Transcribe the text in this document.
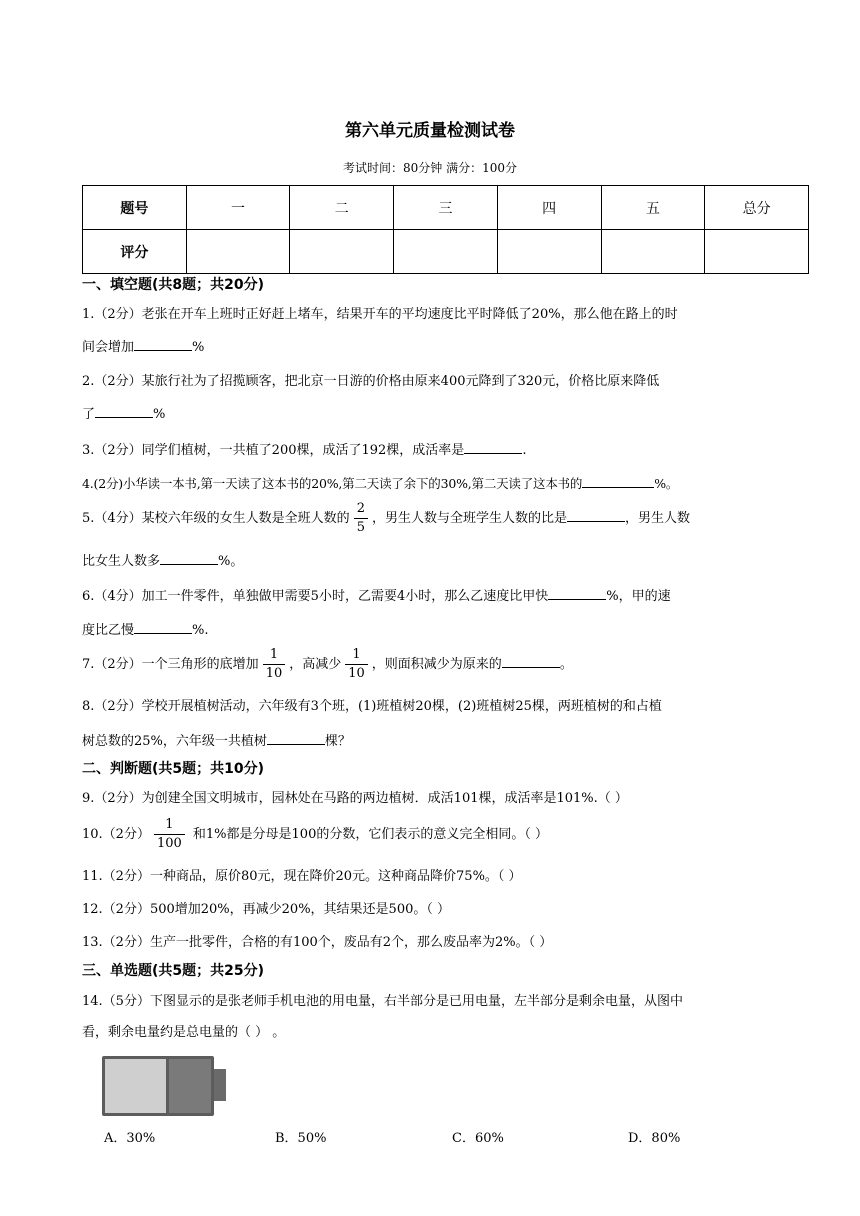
第六单元质量检测试卷
考试时间：80分钟 满分：100分
题号	一	二	三	四	五	总分
评分						
一、填空题(共8题；共20分)
1.（2分）老张在开车上班时正好赶上堵车，结果开车的平均速度比平时降低了20%，那么他在路上的时
间会增加	%
2.（2分）某旅行社为了招揽顾客，把北京一日游的价格由原来400元降到了320元，价格比原来降低
了	%
3.（2分）同学们植树，一共植了200棵，成活了192棵，成活率是	.
4.(2分)小华读一本书,第一天读了这本书的20%,第二天读了余下的30%,第二天读了这本书的	%。
5.（4分）某校六年级的女生人数是全班人数的 $\frac{2}{5}$ ，男生人数与全班学生人数的比是	，男生人数
比女生人数多	%。
6.（4分）加工一件零件，单独做甲需要5小时，乙需要4小时，那么乙速度比甲快	%，甲的速
度比乙慢	%.
7.（2分）一个三角形的底增加 $\frac{1}{10}$ ，高减少 $\frac{1}{10}$ ，则面积减少为原来的	。
8.（2分）学校开展植树活动，六年级有3个班，(1)班植树20棵，(2)班植树25棵，两班植树的和占植
树总数的25%，六年级一共植树	棵？
二、判断题(共5题；共10分)
9.（2分）为创建全国文明城市，园林处在马路的两边植树．成活101棵，成活率是101%.（ ）
10.（2分） $\frac{1}{100}$ 和1%都是分母是100的分数，它们表示的意义完全相同。（ ）
11.（2分）一种商品，原价80元，现在降价20元。这种商品降价75%。（ ）
12.（2分）500增加20%，再减少20%，其结果还是500。（ ）
13.（2分）生产一批零件，合格的有100个，废品有2个，那么废品率为2%。（ ）
三、单选题(共5题；共25分)
14.（5分）下图显示的是张老师手机电池的用电量，右半部分是已用电量，左半部分是剩余电量，从图中
看，剩余电量约是总电量的（ ） 。
A．30%	B．50%	C．60%	D．80%
